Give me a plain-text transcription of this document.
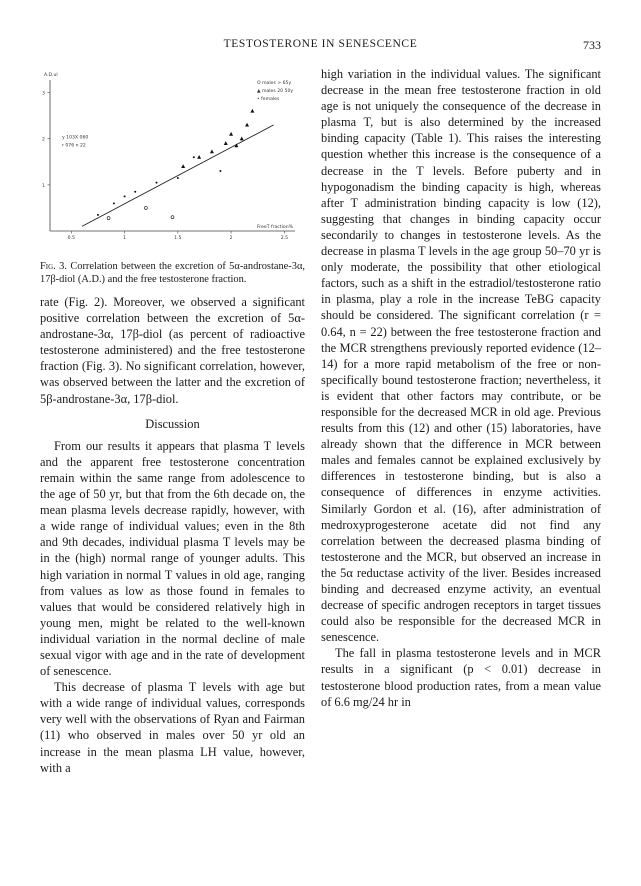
TESTOSTERONE IN SENESCENCE	733
A.D.ul
0.5	1	1.5	2	2.5
3
2
1
FreeT fraction%
O males > 65y
▲ males 20 50y
• females
y 103X 060
r 076 n 22
Fig. 3. Correlation between the excretion of 5α-androstane-3α, 17β-diol (A.D.) and the free testosterone fraction.

rate (Fig. 2). Moreover, we observed a significant positive correlation between the excretion of 5α-androstane-3α, 17β-diol (as percent of radioactive testosterone administered) and the free testosterone fraction (Fig. 3). No significant correlation, however, was observed between the latter and the excretion of 5β-androstane-3α, 17β-diol.

Discussion

From our results it appears that plasma T levels and the apparent free testosterone concentration remain within the same range from adolescence to the age of 50 yr, but that from the 6th decade on, the mean plasma levels decrease rapidly, however, with a wide range of individual values; even in the 8th and 9th decades, individual plasma T levels may be in the (high) normal range of younger adults. This high variation in normal T values in old age, ranging from values as low as those found in females to values that would be considered relatively high in young men, might be related to the well-known individual variation in the normal decline of male sexual vigor with age and in the rate of development of senescence.

This decrease of plasma T levels with age but with a wide range of individual values, corresponds very well with the observations of Ryan and Fairman (11) who observed in males over 50 yr old an increase in the mean plasma LH value, however, with a

high variation in the individual values. The significant decrease in the mean free testosterone fraction in old age is not uniquely the consequence of the decrease in plasma T, but is also determined by the increased binding capacity (Table 1). This raises the interesting question whether this increase is the consequence of a decrease in the T levels. Before puberty and in hypogonadism the binding capacity is high, whereas after T administration binding capacity is low (12), suggesting that changes in binding capacity occur secondarily to changes in testosterone levels. As the decrease in plasma T levels in the age group 50–70 yr is only moderate, the possibility that other etiological factors, such as a shift in the estradiol/testosterone ratio in plasma, play a role in the increase TeBG capacity should be considered. The significant correlation (r = 0.64, n = 22) between the free testosterone fraction and the MCR strengthens previously reported evidence (12–14) for a more rapid metabolism of the free or non-specifically bound testosterone fraction; nevertheless, it is evident that other factors may contribute, or be responsible for the decreased MCR in old age. Previous results from this (12) and other (15) laboratories, have already shown that the difference in MCR between males and females cannot be explained exclusively by differences in testosterone binding, but is also a consequence of differences in enzyme activities. Similarly Gordon et al. (16), after administration of medroxyprogesterone acetate did not find any correlation between the decreased plasma binding of testosterone and the MCR, but observed an increase in the 5α reductase activity of the liver. Besides increased binding and decreased enzyme activity, an eventual decrease of specific androgen receptors in target tissues could also be responsible for the decreased MCR in senescence.

The fall in plasma testosterone levels and in MCR results in a significant (p < 0.01) decrease in testosterone blood production rates, from a mean value of 6.6 mg/24 hr in
